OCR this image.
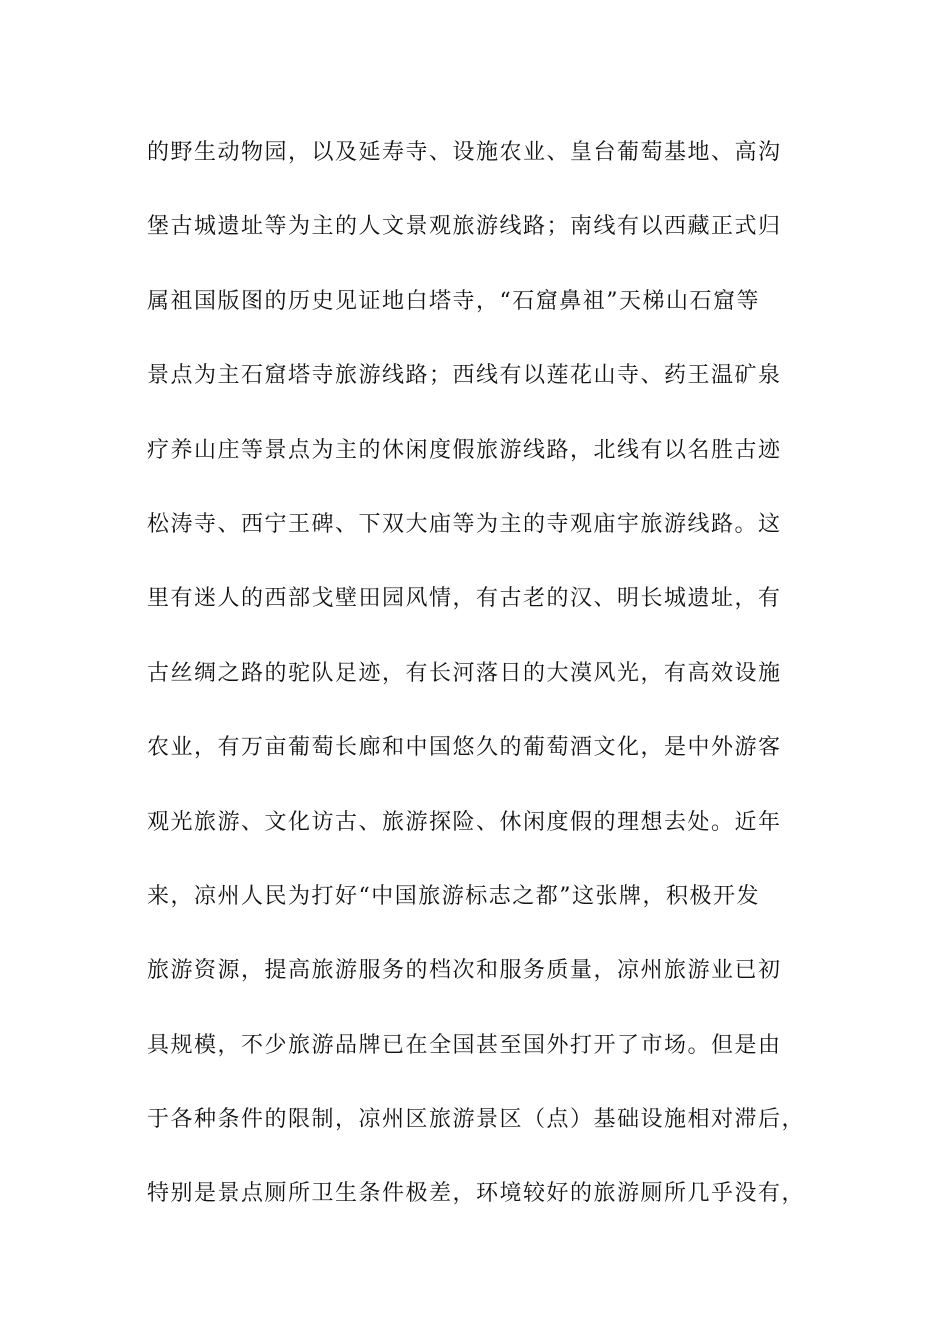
的野生动物园，以及延寿寺、设施农业、皇台葡萄基地、高沟
堡古城遗址等为主的人文景观旅游线路；南线有以西藏正式归
属祖国版图的历史见证地白塔寺，“石窟鼻祖”天梯山石窟等
景点为主石窟塔寺旅游线路；西线有以莲花山寺、药王温矿泉
疗养山庄等景点为主的休闲度假旅游线路，北线有以名胜古迹
松涛寺、西宁王碑、下双大庙等为主的寺观庙宇旅游线路。这
里有迷人的西部戈壁田园风情，有古老的汉、明长城遗址，有
古丝绸之路的驼队足迹，有长河落日的大漠风光，有高效设施
农业，有万亩葡萄长廊和中国悠久的葡萄酒文化，是中外游客
观光旅游、文化访古、旅游探险、休闲度假的理想去处。近年
来，凉州人民为打好“中国旅游标志之都”这张牌，积极开发
旅游资源，提高旅游服务的档次和服务质量，凉州旅游业已初
具规模，不少旅游品牌已在全国甚至国外打开了市场。但是由
于各种条件的限制，凉州区旅游景区（点）基础设施相对滞后，
特别是景点厕所卫生条件极差，环境较好的旅游厕所几乎没有，
